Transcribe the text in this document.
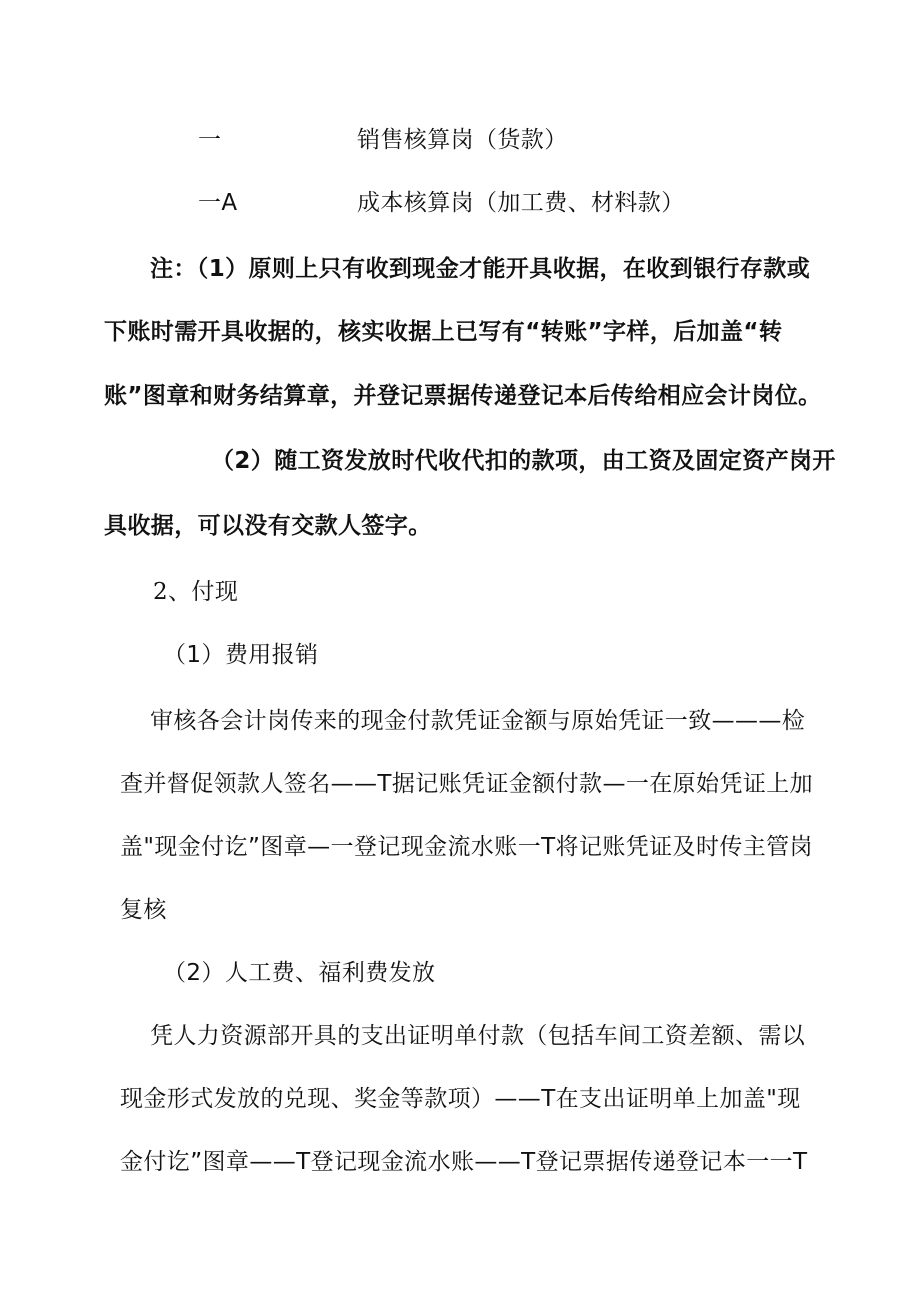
一	销售核算岗（货款）
一A	成本核算岗（加工费、材料款）
注：（1）原则上只有收到现金才能开具收据，在收到银行存款或
下账时需开具收据的，核实收据上已写有“转账”字样，后加盖“转
账”图章和财务结算章，并登记票据传递登记本后传给相应会计岗位。
（2）随工资发放时代收代扣的款项，由工资及固定资产岗开
具收据，可以没有交款人签字。
2、付现
（1）费用报销
审核各会计岗传来的现金付款凭证金额与原始凭证一致———检
查并督促领款人签名——T据记账凭证金额付款—一在原始凭证上加
盖"现金付讫”图章—一登记现金流水账一T将记账凭证及时传主管岗
复核
（2）人工费、福利费发放
凭人力资源部开具的支出证明单付款（包括车间工资差额、需以
现金形式发放的兑现、奖金等款项）——T在支出证明单上加盖"现
金付讫”图章——T登记现金流水账——T登记票据传递登记本一一T
